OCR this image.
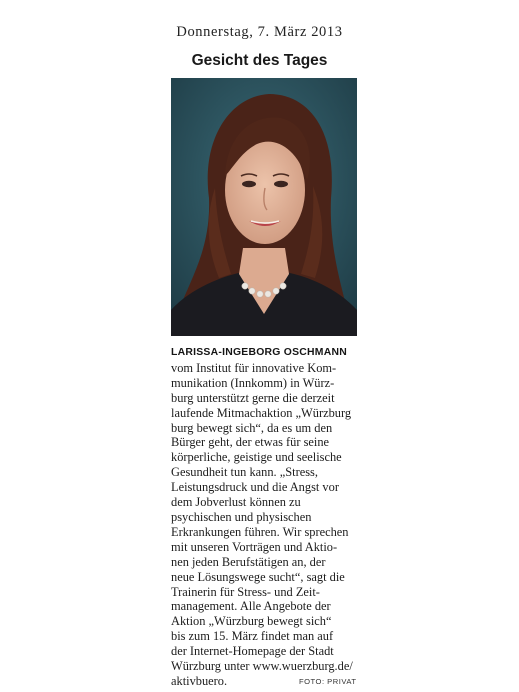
Donnerstag, 7. März 2013
Gesicht des Tages
LARISSA-INGEBORG OSCHMANN
vom Institut für innovative Kom-
munikation (Innkomm) in Würz-
burg unterstützt gerne die derzeit
laufende Mitmachaktion „Würzburg
burg bewegt sich“, da es um den
Bürger geht, der etwas für seine
körperliche, geistige und seelische
Gesundheit tun kann. „Stress,
Leistungsdruck und die Angst vor
dem Jobverlust können zu
psychischen und physischen
Erkrankungen führen. Wir sprechen
mit unseren Vorträgen und Aktio-
nen jeden Berufstätigen an, der
neue Lösungswege sucht“, sagt die
Trainerin für Stress- und Zeit-
management. Alle Angebote der
Aktion „Würzburg bewegt sich“
bis zum 15. März findet man auf
der Internet-Homepage der Stadt
Würzburg unter www.wuerzburg.de/
aktivbuero.	FOTO: PRIVAT
